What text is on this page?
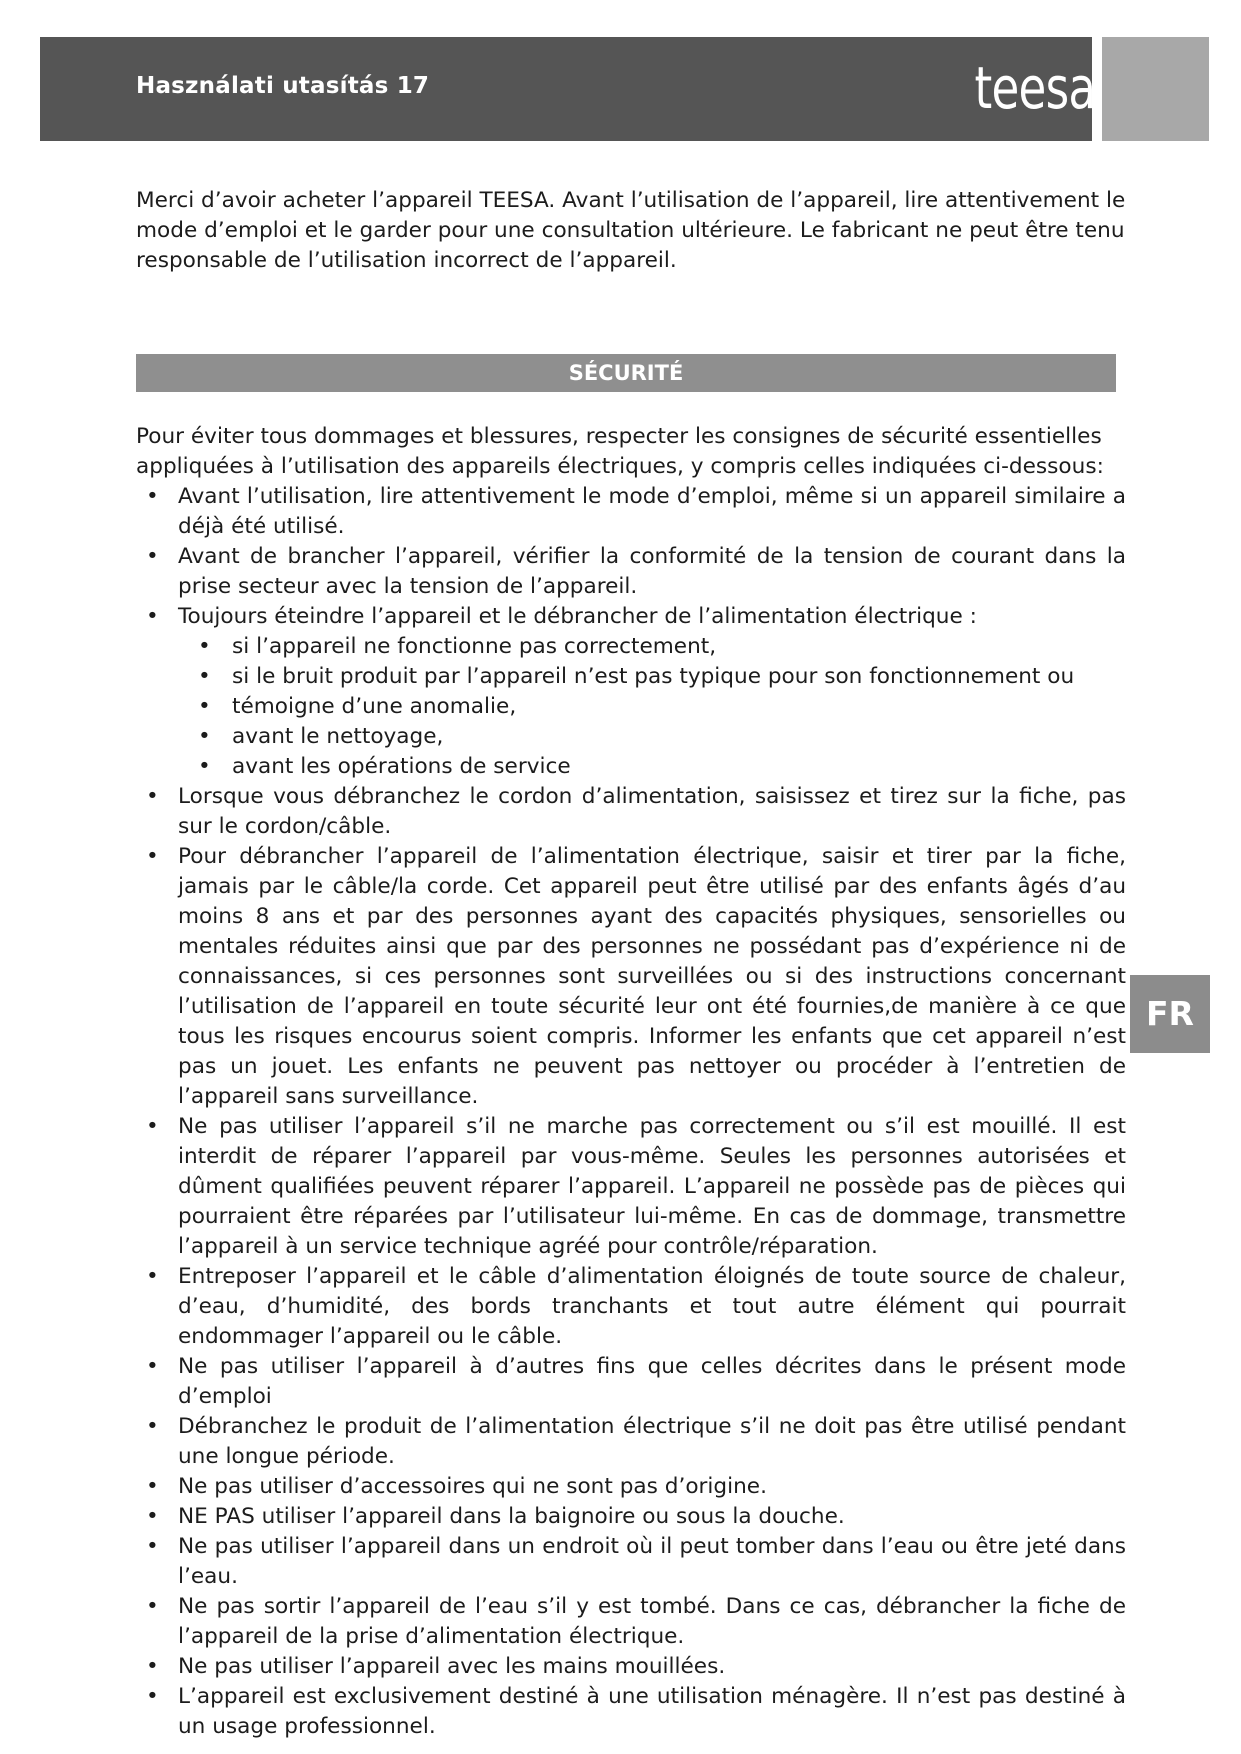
Használati utasítás 17	teesa
FR

Merci d’avoir acheter l’appareil TEESA. Avant l’utilisation de l’appareil, lire attentivement le mode d’emploi et le garder pour une consultation ultérieure. Le fabricant ne peut être tenu responsable de l’utilisation incorrect de l’appareil.

SÉCURITÉ

Pour éviter tous dommages et blessures, respecter les consignes de sécurité essentielles appliquées à l’utilisation des appareils électriques, y compris celles indiquées ci-dessous:

• Avant l’utilisation, lire attentivement le mode d’emploi, même si un appareil similaire a déjà été utilisé.
• Avant de brancher l’appareil, vérifier la conformité de la tension de courant dans la prise secteur avec la tension de l’appareil.
• Toujours éteindre l’appareil et le débrancher de l’alimentation électrique :
• si l’appareil ne fonctionne pas correctement,
• si le bruit produit par l’appareil n’est pas typique pour son fonctionnement ou
• témoigne d’une anomalie,
• avant le nettoyage,
• avant les opérations de service
• Lorsque vous débranchez le cordon d’alimentation, saisissez et tirez sur la fiche, pas sur le cordon/câble.
• Pour débrancher l’appareil de l’alimentation électrique, saisir et tirer par la fiche, jamais par le câble/la corde. Cet appareil peut être utilisé par des enfants âgés d’au moins 8 ans et par des personnes ayant des capacités physiques, sensorielles ou mentales réduites ainsi que par des personnes ne possédant pas d’expérience ni de connaissances, si ces personnes sont surveillées ou si des instructions concernant l’utilisation de l’appareil en toute sécurité leur ont été fournies,de manière à ce que tous les risques encourus soient compris. Informer les enfants que cet appareil n’est pas un jouet. Les enfants ne peuvent pas nettoyer ou procéder à l’entretien de l’appareil sans surveillance.
• Ne pas utiliser l’appareil s’il ne marche pas correctement ou s’il est mouillé. Il est interdit de réparer l’appareil par vous-même. Seules les personnes autorisées et dûment qualifiées peuvent réparer l’appareil. L’appareil ne possède pas de pièces qui pourraient être réparées par l’utilisateur lui-même. En cas de dommage, transmettre l’appareil à un service technique agréé pour contrôle/réparation.
• Entreposer l’appareil et le câble d’alimentation éloignés de toute source de chaleur, d’eau, d’humidité, des bords tranchants et tout autre élément qui pourrait endommager l’appareil ou le câble.
• Ne pas utiliser l’appareil à d’autres fins que celles décrites dans le présent mode d’emploi
• Débranchez le produit de l’alimentation électrique s’il ne doit pas être utilisé pendant une longue période.
• Ne pas utiliser d’accessoires qui ne sont pas d’origine.
• NE PAS utiliser l’appareil dans la baignoire ou sous la douche.
• Ne pas utiliser l’appareil dans un endroit où il peut tomber dans l’eau ou être jeté dans l’eau.
• Ne pas sortir l’appareil de l’eau s’il y est tombé. Dans ce cas, débrancher la fiche de l’appareil de la prise d’alimentation électrique.
• Ne pas utiliser l’appareil avec les mains mouillées.
• L’appareil est exclusivement destiné à une utilisation ménagère. Il n’est pas destiné à un usage professionnel.
